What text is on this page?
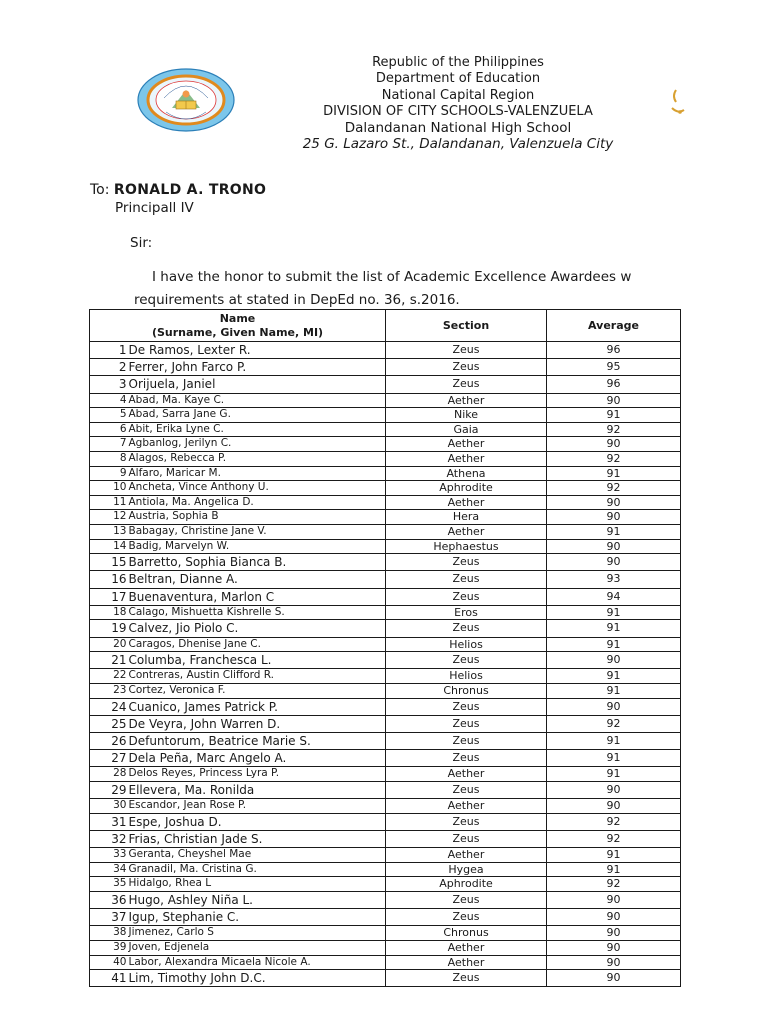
Republic of the Philippines
Department of Education
National Capital Region
DIVISION OF CITY SCHOOLS-VALENZUELA
Dalandanan National High School
25 G. Lazaro St., Dalandanan, Valenzuela City
To: RONALD A. TRONO
Principall IV
Sir:
I have the honor to submit the list of Academic Excellence Awardees w
requirements at stated in DepEd no. 36, s.2016.
Name
(Surname, Given Name, MI)		Section	Average
1	De Ramos, Lexter R.	Zeus	96
2	Ferrer, John Farco P.	Zeus	95
3	Orijuela, Janiel	Zeus	96
4	Abad, Ma. Kaye C.	Aether	90
5	Abad, Sarra Jane G.	Nike	91
6	Abit, Erika Lyne C.	Gaia	92
7	Agbanlog, Jerilyn C.	Aether	90
8	Alagos, Rebecca P.	Aether	92
9	Alfaro, Maricar M.	Athena	91
10	Ancheta, Vince Anthony U.	Aphrodite	92
11	Antiola, Ma. Angelica D.	Aether	90
12	Austria, Sophia B	Hera	90
13	Babagay, Christine Jane V.	Aether	91
14	Badig, Marvelyn W.	Hephaestus	90
15	Barretto, Sophia Bianca B.	Zeus	90
16	Beltran, Dianne A.	Zeus	93
17	Buenaventura, Marlon C	Zeus	94
18	Calago, Mishuetta Kishrelle S.	Eros	91
19	Calvez, Jio Piolo C.	Zeus	91
20	Caragos, Dhenise Jane C.	Helios	91
21	Columba, Franchesca L.	Zeus	90
22	Contreras, Austin Clifford R.	Helios	91
23	Cortez, Veronica F.	Chronus	91
24	Cuanico, James Patrick P.	Zeus	90
25	De Veyra, John Warren D.	Zeus	92
26	Defuntorum, Beatrice Marie S.	Zeus	91
27	Dela Peña, Marc Angelo A.	Zeus	91
28	Delos Reyes, Princess Lyra P.	Aether	91
29	Ellevera, Ma. Ronilda	Zeus	90
30	Escandor, Jean Rose P.	Aether	90
31	Espe, Joshua D.	Zeus	92
32	Frias, Christian Jade S.	Zeus	92
33	Geranta, Cheyshel Mae	Aether	91
34	Granadil, Ma. Cristina G.	Hygea	91
35	Hidalgo, Rhea L	Aphrodite	92
36	Hugo, Ashley Niña L.	Zeus	90
37	Igup, Stephanie C.	Zeus	90
38	Jimenez, Carlo S	Chronus	90
39	Joven, Edjenela	Aether	90
40	Labor, Alexandra Micaela Nicole A.	Aether	90
41	Lim, Timothy John D.C.	Zeus	90
